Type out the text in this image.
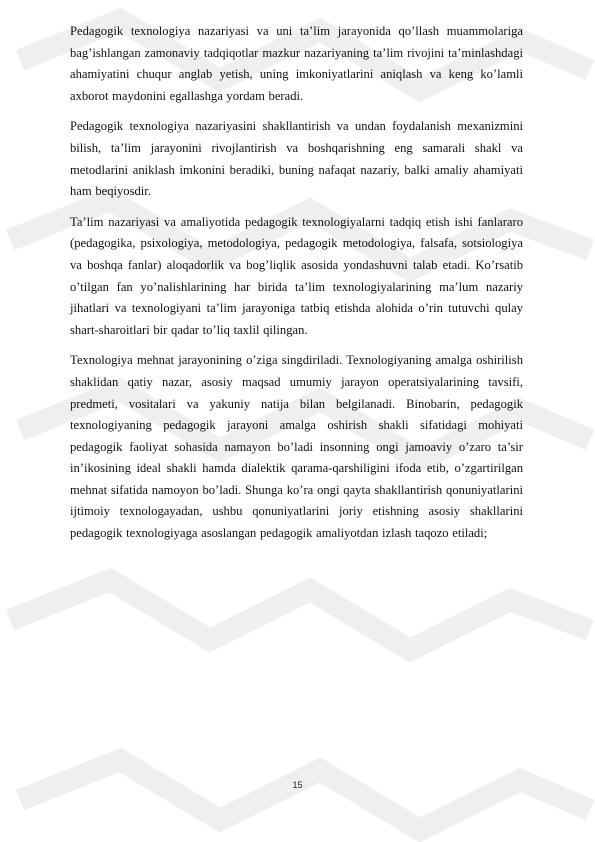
Pedagogik texnologiya nazariyasi va uni ta’lim jarayonida qo’llash muammolariga bag’ishlangan zamonaviy tadqiqotlar mazkur nazariyaning ta’lim rivojini ta’minlashdagi ahamiyatini chuqur anglab yetish, uning imkoniyatlarini aniqlash va keng ko’lamli axborot maydonini egallashga yordam beradi.

Pedagogik texnologiya nazariyasini shakllantirish va undan foydalanish mexanizmini bilish, ta’lim jarayonini rivojlantirish va boshqarishning eng samarali shakl va metodlarini aniklash imkonini beradiki, buning nafaqat nazariy, balki amaliy ahamiyati ham beqiyosdir.

Ta’lim nazariyasi va amaliyotida pedagogik texnologiyalarni tadqiq etish ishi fanlararo (pedagogika, psixologiya, metodologiya, pedagogik metodologiya, falsafa, sotsiologiya va boshqa fanlar) aloqadorlik va bog’liqlik asosida yondashuvni talab etadi. Ko’rsatib o’tilgan fan yo’nalishlarining har birida ta’lim texnologiyalarining ma’lum nazariy jihatlari va texnologiyani ta’lim jarayoniga tatbiq etishda alohida o’rin tutuvchi qulay shart-sharoitlari bir qadar to’liq taxlil qilingan.

Texnologiya mehnat jarayonining o’ziga singdiriladi. Texnologiyaning amalga oshirilish shaklidan qatiy nazar, asosiy maqsad umumiy jarayon operatsiyalarining tavsifi, predmeti, vositalari va yakuniy natija bilan belgilanadi. Binobarin, pedagogik texnologiyaning pedagogik jarayoni amalga oshirish shakli sifatidagi mohiyati pedagogik faoliyat sohasida namayon bo’ladi insonning ongi jamoaviy o’zaro ta’sir in’ikosining ideal shakli hamda dialektik qarama-qarshiligini ifoda etib, o’zgartirilgan mehnat sifatida namoyon bo’ladi. Shunga ko’ra ongi qayta shakllantirish qonuniyatlarini ijtimoiy texnologayadan, ushbu qonuniyatlarini joriy etishning asosiy shakllarini pedagogik texnologiyaga asoslangan pedagogik amaliyotdan izlash taqozo etiladi;

15
